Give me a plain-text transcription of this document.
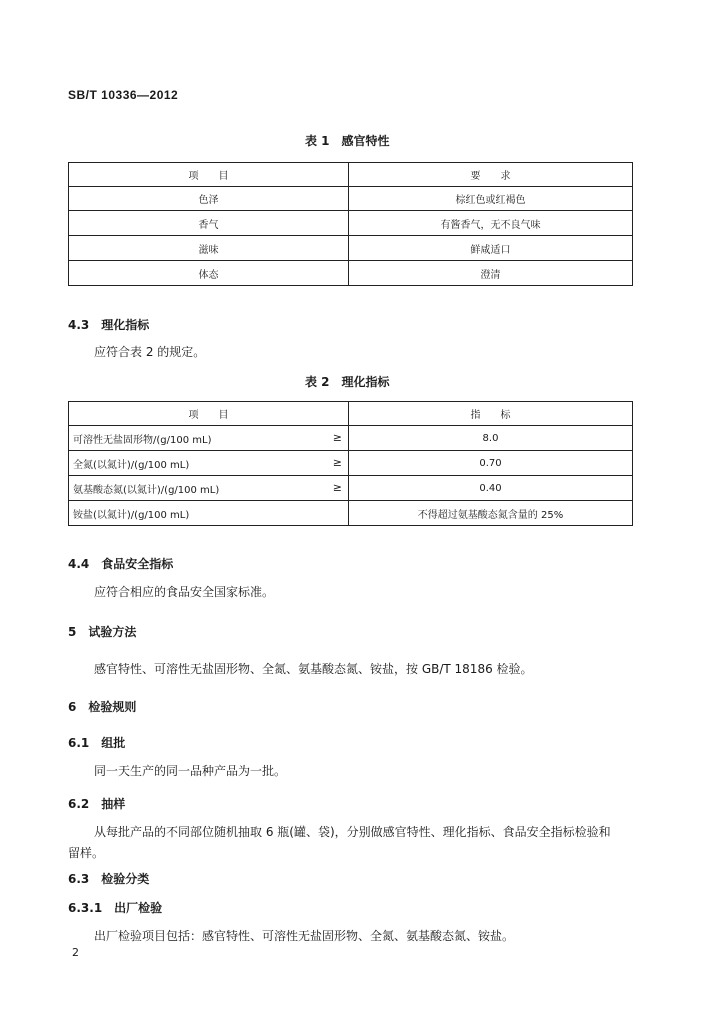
SB/T 10336—2012
表 1　感官特性
项　　目	要　　求
色泽	棕红色或红褐色
香气	有酱香气，无不良气味
滋味	鲜咸适口
体态	澄清
4.3　理化指标
应符合表 2 的规定。
表 2　理化指标
项　　目	指　　标
可溶性无盐固形物/(g/100 mL) ≥	8.0
全氮(以氮计)/(g/100 mL) ≥	0.70
氨基酸态氮(以氮计)/(g/100 mL) ≥	0.40
铵盐(以氮计)/(g/100 mL)	不得超过氨基酸态氮含量的 25%
4.4　食品安全指标
应符合相应的食品安全国家标准。
5　试验方法
感官特性、可溶性无盐固形物、全氮、氨基酸态氮、铵盐，按 GB/T 18186 检验。
6　检验规则
6.1　组批
同一天生产的同一品种产品为一批。
6.2　抽样
从每批产品的不同部位随机抽取 6 瓶(罐、袋)，分别做感官特性、理化指标、食品安全指标检验和
留样。
6.3　检验分类
6.3.1　出厂检验
出厂检验项目包括：感官特性、可溶性无盐固形物、全氮、氨基酸态氮、铵盐。
2
